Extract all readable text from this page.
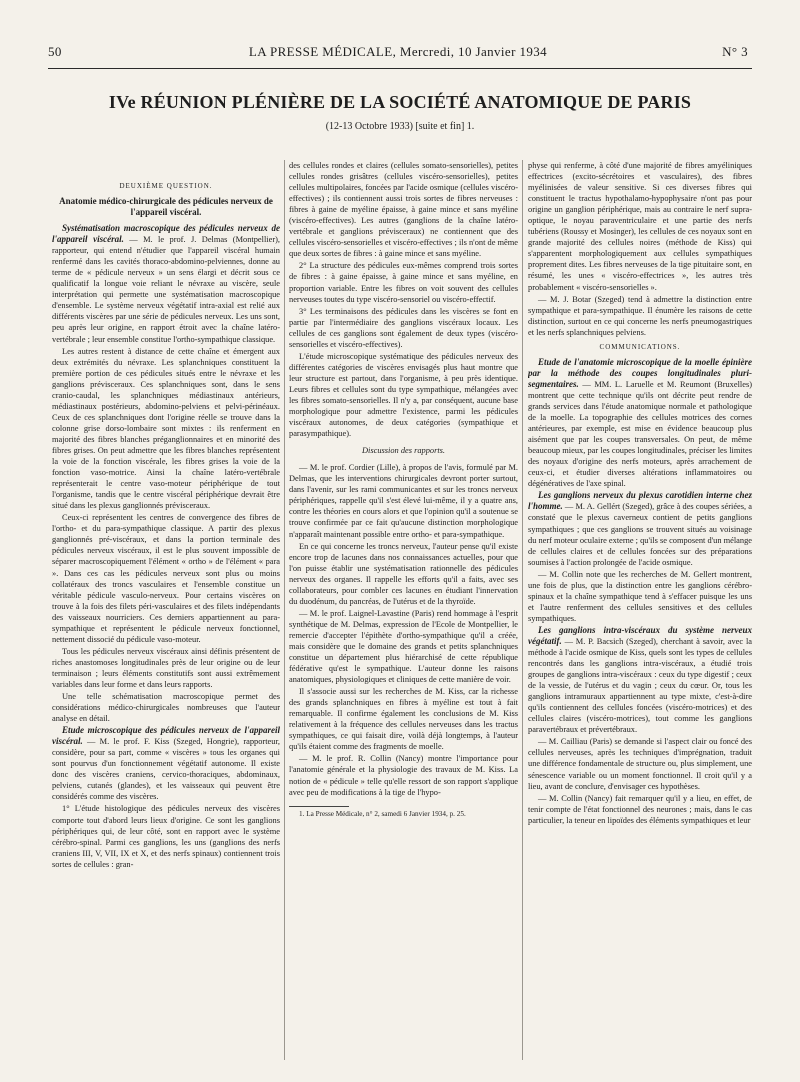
50	LA PRESSE MÉDICALE, Mercredi, 10 Janvier 1934	N° 3
IVe RÉUNION PLÉNIÈRE DE LA SOCIÉTÉ ANATOMIQUE DE PARIS
(12-13 Octobre 1933) [suite et fin] 1.
DEUXIÈME QUESTION.
Anatomie médico-chirurgicale des pédicules nerveux de l'appareil viscéral.

Systématisation macroscopique des pédicules nerveux de l'appareil viscéral. — M. le prof. J. Delmas (Montpellier), rapporteur, qui entend n'étudier que l'appareil viscéral humain renfermé dans les cavités thoraco-abdomino-pelviennes, donne au terme de « pédicule nerveux » un sens élargi et décrit sous ce qualificatif la longue voie reliant le névraxe au viscère, seule interprétation qui permette une systématisation macroscopique d'ensemble. Le système nerveux végétatif intra-axial est relié aux différents viscères par une série de pédicules nerveux. Les uns sont, peu après leur origine, en rapport étroit avec la chaîne latéro-vertébrale ; leur ensemble constitue l'ortho-sympathique classique.

Les autres restent à distance de cette chaîne et émergent aux deux extrémités du névraxe. Les splanchniques constituent la première portion de ces pédicules situés entre le névraxe et les ganglions prévisceraux. Ces splanchniques sont, dans le sens cranio-caudal, les splanchniques médiastinaux antérieurs, médiastinaux postérieurs, abdomino-pelviens et pelvi-périnéaux. Ceux de ces splanchniques dont l'origine réelle se trouve dans la colonne grise dorso-lombaire sont mixtes : ils renferment en majorité des fibres blanches préganglionnaires et en minorité des fibres grises. On peut admettre que les fibres blanches représentent la voie de la fonction viscérale, les fibres grises la voie de la fonction vaso-motrice. Ainsi la chaîne latéro-vertébrale représenterait le centre vaso-moteur périphérique de tout l'organisme, tandis que le centre viscéral périphérique devrait être situé dans les plexus ganglionnés prévisceraux.

Ceux-ci représentent les centres de convergence des fibres de l'ortho- et du para-sympathique classique. A partir des plexus ganglionnés pré-viscéraux, et dans la portion terminale des pédicules nerveux viscéraux, il est le plus souvent impossible de séparer macroscopiquement l'élément « ortho » de l'élément « para ». Dans ces cas les pédicules nerveux sont plus ou moins collatéraux des troncs vasculaires et l'ensemble constitue un véritable pédicule vasculo-nerveux. Pour certains viscères on trouve à la fois des filets péri-vasculaires et des filets indépendants des vaisseaux nourriciers. Ces derniers appartiennent au para-sympathique et représentent le pédicule nerveux fonctionnel, nettement dissocié du pédicule vaso-moteur.

Tous les pédicules nerveux viscéraux ainsi définis présentent de riches anastomoses longitudinales près de leur origine ou de leur terminaison ; leurs éléments constitutifs sont aussi extrêmement variables dans leur forme et dans leurs rapports.

Une telle schématisation macroscopique permet des considérations médico-chirurgicales nombreuses que l'auteur analyse en détail.

Etude microscopique des pédicules nerveux de l'appareil viscéral. — M. le prof. F. Kiss (Szeged, Hongrie), rapporteur, considère, pour sa part, comme « viscères » tous les organes qui sont pourvus d'un fonctionnement végétatif autonome. Il existe donc des viscères craniens, cervico-thoraciques, abdominaux, pelviens, cutanés (glandes), et les vaisseaux qui peuvent être considérés comme des viscères.

1° L'étude histologique des pédicules nerveux des viscères comporte tout d'abord leurs lieux d'origine. Ce sont les ganglions périphériques qui, de leur côté, sont en rapport avec le système cérébro-spinal. Parmi ces ganglions, les uns (ganglions des nerfs craniens III, V, VII, IX et X, et des nerfs spinaux) contiennent trois sortes de cellules : gran-

des cellules rondes et claires (cellules somato-sensorielles), petites cellules rondes grisâtres (cellules viscéro-sensorielles), petites cellules multipolaires, foncées par l'acide osmique (cellules viscéro-effectives) ; ils contiennent aussi trois sortes de fibres nerveuses : fibres à gaine de myéline épaisse, à gaine mince et sans myéline (viscéro-effectives). Les autres (ganglions de la chaîne latéro-vertébrale et ganglions prévisceraux) ne contiennent que des cellules viscéro-sensorielles et viscéro-effectives ; ils n'ont de même que deux sortes de fibres : à gaine mince et sans myéline.

2° La structure des pédicules eux-mêmes comprend trois sortes de fibres : à gaine épaisse, à gaine mince et sans myéline, en proportion variable. Entre les fibres on voit souvent des cellules nerveuses toutes du type viscéro-sensoriel ou viscéro-effectif.

3° Les terminaisons des pédicules dans les viscères se font en partie par l'intermédiaire des ganglions viscéraux locaux. Les cellules de ces ganglions sont également de deux types (viscéro-sensorielles et viscéro-effectives).

L'étude microscopique systématique des pédicules nerveux des différentes catégories de viscères envisagés plus haut montre que leur structure est partout, dans l'organisme, à peu près identique. Leurs fibres et cellules sont du type sympathique, mélangées avec les fibres somato-sensorielles. Il n'y a, par conséquent, aucune base morphologique pour admettre l'existence, parmi les pédicules viscéraux autonomes, de deux catégories (sympathique et parasympathique).

Discussion des rapports.

— M. le prof. Cordier (Lille), à propos de l'avis, formulé par M. Delmas, que les interventions chirurgicales devront porter surtout, dans l'avenir, sur les rami communicantes et sur les troncs nerveux périphériques, rappelle qu'il s'est élevé lui-même, il y a quatre ans, contre les théories en cours alors et que l'opinion qu'il a soutenue se trouve confirmée par ce fait qu'aucune distinction morphologique n'apparaît maintenant possible entre ortho- et para-sympathique.

En ce qui concerne les troncs nerveux, l'auteur pense qu'il existe encore trop de lacunes dans nos connaissances actuelles, pour que l'on puisse établir une systématisation rationnelle des pédicules nerveux des organes. Il rappelle les efforts qu'il a faits, avec ses collaborateurs, pour combler ces lacunes en étudiant l'innervation du duodénum, du pancréas, de l'utérus et de la thyroïde.

— M. le prof. Laignel-Lavastine (Paris) rend hommage à l'esprit synthétique de M. Delmas, expression de l'Ecole de Montpellier, le remercie d'accepter l'épithète d'ortho-sympathique qu'il a créée, mais considère que le domaine des grands et petits splanchniques constitue un département plus hiérarchisé de cette république fédérative qu'est le sympathique. L'auteur donne les raisons anatomiques, physiologiques et cliniques de cette manière de voir.

Il s'associe aussi sur les recherches de M. Kiss, car la richesse des grands splanchniques en fibres à myéline est tout à fait remarquable. Il confirme également les conclusions de M. Kiss relativement à la fréquence des cellules nerveuses dans les tractus sympathiques, ce qui faisait dire, voilà déjà longtemps, à l'auteur qu'ils étaient comme des fragments de moelle.

— M. le prof. R. Collin (Nancy) montre l'importance pour l'anatomie générale et la physiologie des travaux de M. Kiss. La notion de « pédicule » telle qu'elle ressort de son rapport s'applique avec peu de modifications à la tige de l'hypo-

1. La Presse Médicale, n° 2, samedi 6 Janvier 1934, p. 25.

physe qui renferme, à côté d'une majorité de fibres amyéliniques effectrices (excito-sécrétoires et vasculaires), des fibres myélinisées de valeur sensitive. Si ces diverses fibres qui constituent le tractus hypothalamo-hypophysaire n'ont pas pour origine un ganglion périphérique, mais au contraire le nerf supra-optique, le noyau paraventriculaire et une partie des nerfs tubériens (Roussy et Mosinger), les cellules de ces noyaux sont en grande majorité des cellules noires (méthode de Kiss) qui s'apparentent morphologiquement aux cellules sympathiques proprement dites. Les fibres nerveuses de la tige pituitaire sont, en résumé, les unes « viscéro-effectrices », les autres très probablement « viscéro-sensorielles ».

— M. J. Botar (Szeged) tend à admettre la distinction entre sympathique et para-sympathique. Il énumère les raisons de cette distinction, surtout en ce qui concerne les nerfs pneumogastriques et les nerfs splanchniques pelviens.

COMMUNICATIONS.

Etude de l'anatomie microscopique de la moelle épinière par la méthode des coupes longitudinales pluri-segmentaires. — MM. L. Laruelle et M. Reumont (Bruxelles) montrent que cette technique qu'ils ont décrite peut rendre de grands services dans l'étude anatomique normale et pathologique de la moelle. La topographie des cellules motrices des cornes antérieures, par exemple, est mise en évidence beaucoup plus aisément que par les coupes transversales. On peut, de même beaucoup mieux, par les coupes longitudinales, préciser les limites des noyaux d'origine des nerfs moteurs, après arrachement de ceux-ci, et étudier diverses altérations inflammatoires ou dégénératives de l'axe spinal.

Les ganglions nerveux du plexus carotidien interne chez l'homme. — M. A. Gellért (Szeged), grâce à des coupes sériées, a constaté que le plexus caverneux contient de petits ganglions sympathiques ; que ces ganglions se trouvent situés au voisinage du nerf moteur oculaire externe ; qu'ils se composent d'un mélange de cellules claires et de cellules foncées sur des préparations soumises à l'action prolongée de l'acide osmique.

— M. Collin note que les recherches de M. Gellert montrent, une fois de plus, que la distinction entre les ganglions cérébro-spinaux et la chaîne sympathique tend à s'effacer puisque les uns et l'autre renferment des cellules sensitives et des cellules sympathiques.

Les ganglions intra-viscéraux du système nerveux végétatif. — M. P. Bacsich (Szeged), cherchant à savoir, avec la méthode à l'acide osmique de Kiss, quels sont les types de cellules rencontrés dans les ganglions intra-viscéraux, a étudié trois groupes de ganglions intra-viscéraux : ceux du type digestif ; ceux de la vessie, de l'utérus et du vagin ; ceux du cœur. Or, tous les ganglions intramuraux appartiennent au type mixte, c'est-à-dire qu'ils contiennent des cellules foncées (viscéro-motrices) et des cellules claires (viscéro-motrices), tout comme les ganglions paravertébraux et prévertébraux.

— M. Cailliau (Paris) se demande si l'aspect clair ou foncé des cellules nerveuses, après les techniques d'imprégnation, traduit une différence fondamentale de structure ou, plus simplement, une sénescence variable ou un moment fonctionnel. Il croit qu'il y a lieu, avant de conclure, d'envisager ces hypothèses.

— M. Collin (Nancy) fait remarquer qu'il y a lieu, en effet, de tenir compte de l'état fonctionnel des neurones ; mais, dans le cas particulier, la teneur en lipoïdes des éléments sympathiques et leur
